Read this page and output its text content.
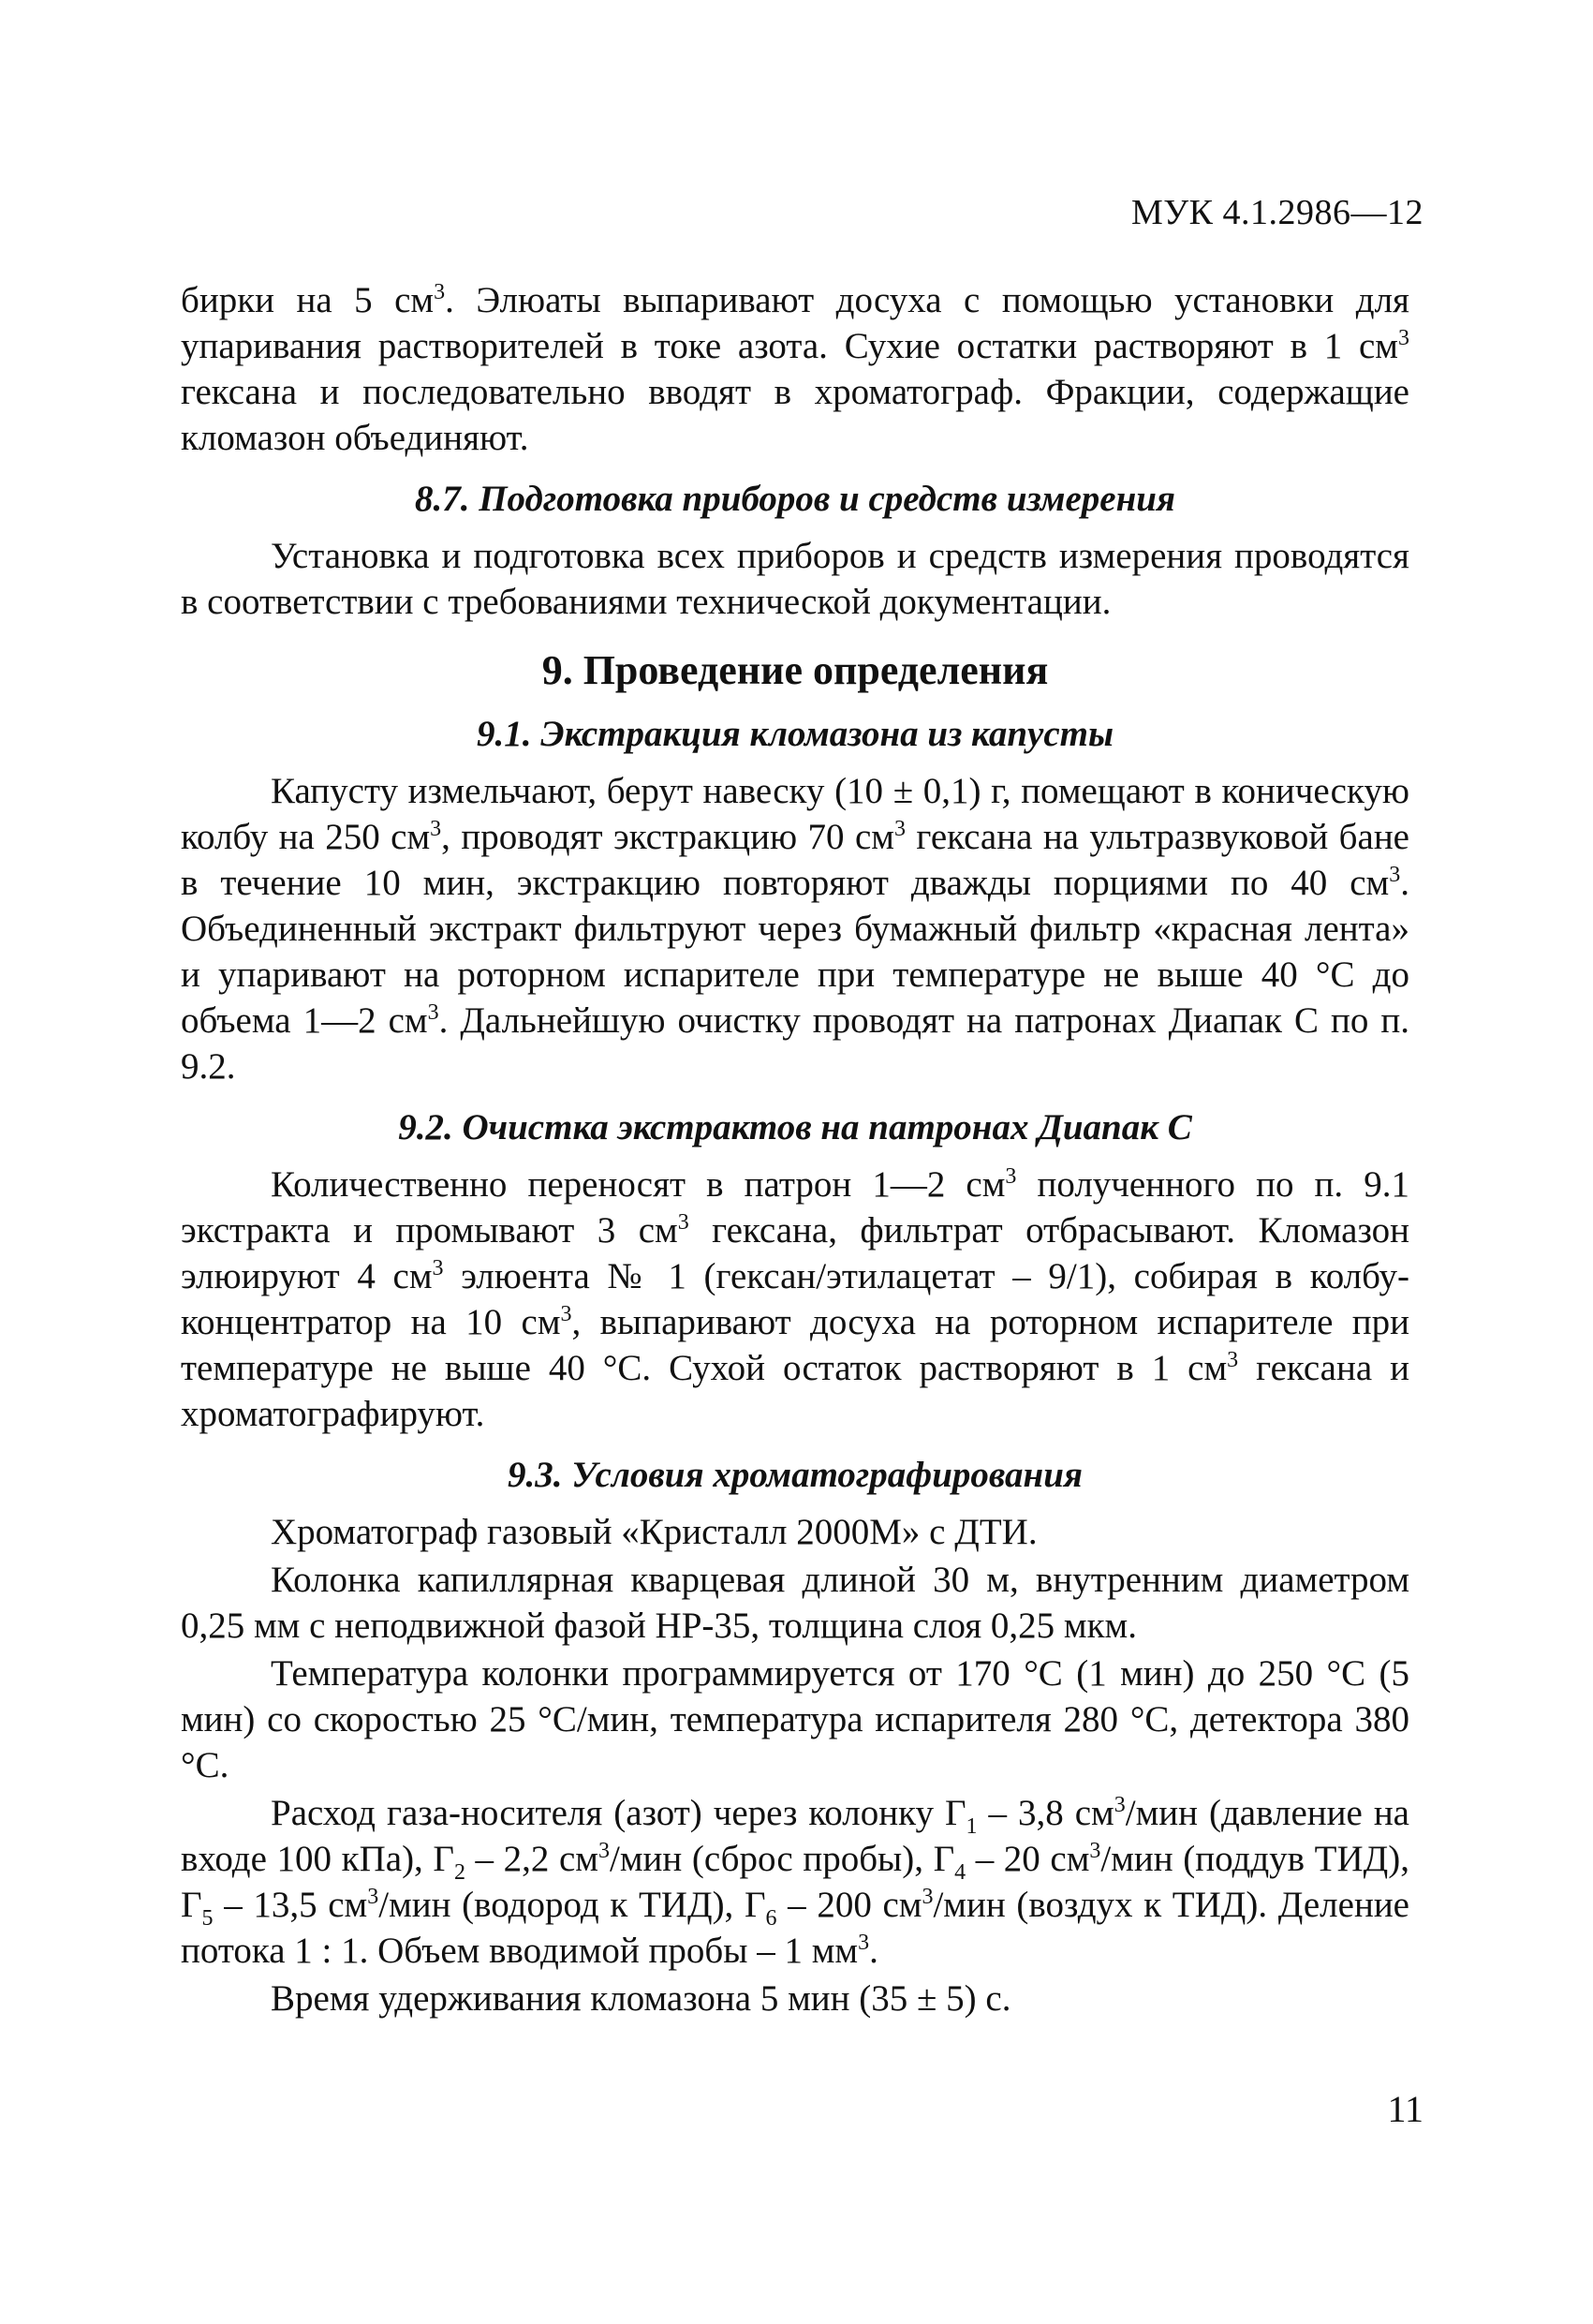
МУК 4.1.2986—12

бирки на 5 $см^3$. Элюаты выпаривают досуха с помощью установки для упаривания растворителей в токе азота. Сухие остатки растворяют в 1 $см^3$ гексана и последовательно вводят в хроматограф. Фракции, содержащие кломазон объединяют.

8.7. Подготовка приборов и средств измерения

Установка и подготовка всех приборов и средств измерения проводятся в соответствии с требованиями технической документации.

9. Проведение определения
9.1. Экстракция кломазона из капусты

Капусту измельчают, берут навеску (10 ± 0,1) г, помещают в коническую колбу на 250 $см^3$, проводят экстракцию 70 $см^3$ гексана на ультразвуковой бане в течение 10 мин, экстракцию повторяют дважды порциями по 40 $см^3$. Объединенный экстракт фильтруют через бумажный фильтр «красная лента» и упаривают на роторном испарителе при температуре не выше 40 °С до объема 1—2 $см^3$. Дальнейшую очистку проводят на патронах Диапак С по п. 9.2.

9.2. Очистка экстрактов на патронах Диапак С

Количественно переносят в патрон 1—2 $см^3$ полученного по п. 9.1 экстракта и промывают 3 $см^3$ гексана, фильтрат отбрасывают. Кломазон элюируют 4 $см^3$ элюента № 1 (гексан/этилацетат – 9/1), собирая в колбу-концентратор на 10 $см^3$, выпаривают досуха на роторном испарителе при температуре не выше 40 °С. Сухой остаток растворяют в 1 $см^3$ гексана и хроматографируют.

9.3. Условия хроматографирования

Хроматограф газовый «Кристалл 2000М» с ДТИ.

Колонка капиллярная кварцевая длиной 30 м, внутренним диаметром 0,25 мм с неподвижной фазой НР-35, толщина слоя 0,25 мкм.

Температура колонки программируется от 170 °С (1 мин) до 250 °С (5 мин) со скоростью 25 °С/мин, температура испарителя 280 °С, детектора 380 °С.

Расход газа-носителя (азот) через колонку $Г_1 - 3,8$ $см^3$/мин (давление на входе 100 кПа), $Г_2 - 2,2$ $см^3$/мин (сброс пробы), $Г_4 - 20$ $см^3$/мин (поддув ТИД), $Г_5 - 13,5$ $см^3$/мин (водород к ТИД), $Г_6 - 200$ $см^3$/мин (воздух к ТИД). Деление потока 1 : 1. Объем вводимой пробы – 1 $мм^3$.

Время удерживания кломазона 5 мин (35 ± 5) с.

11
